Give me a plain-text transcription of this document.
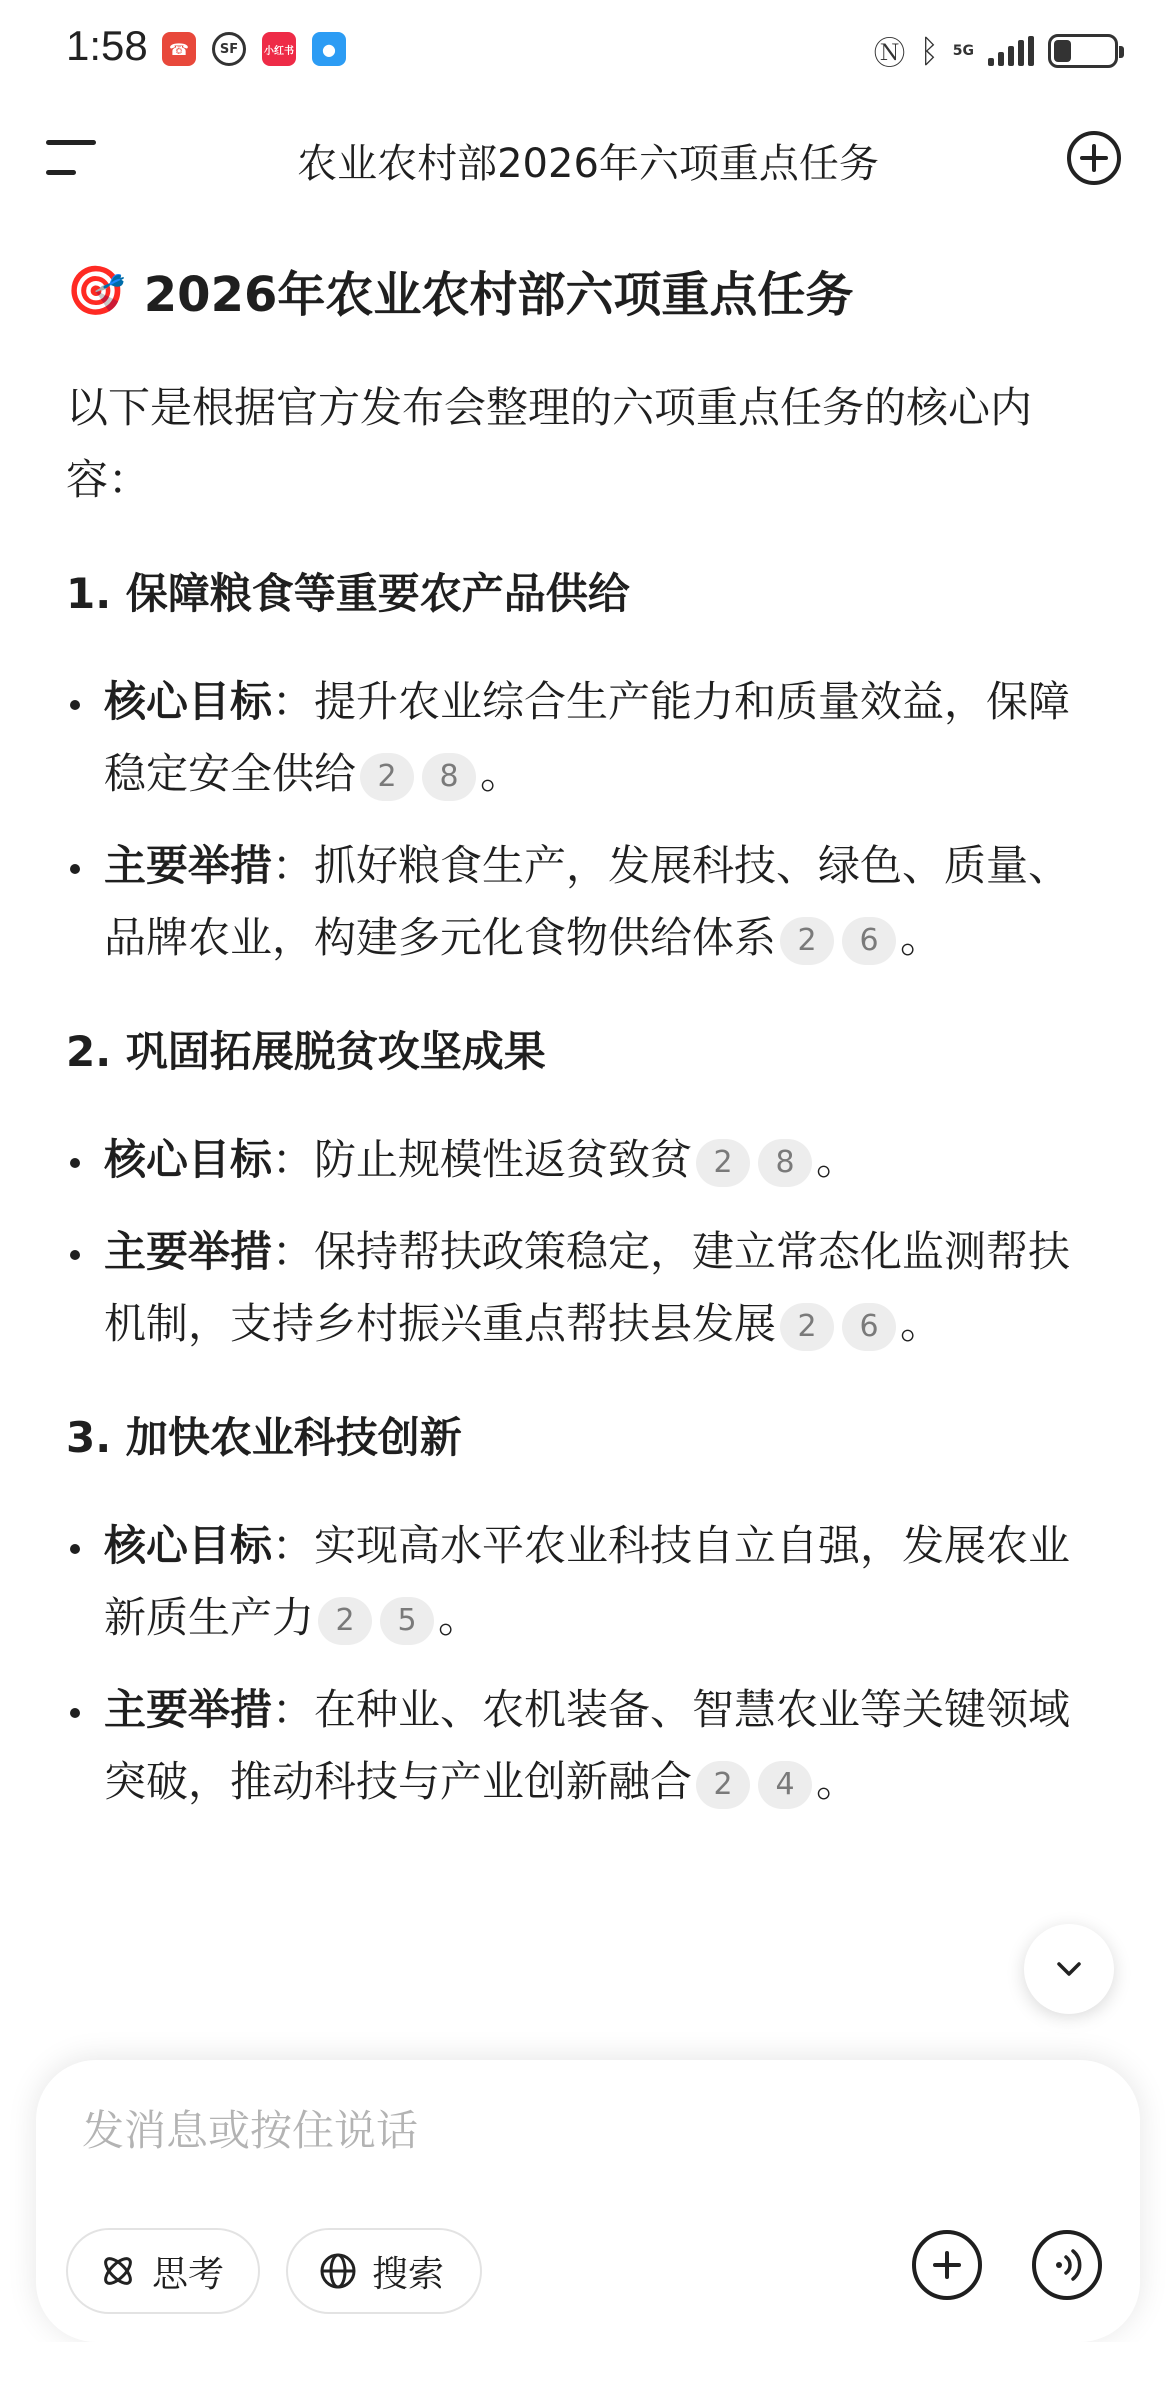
1:58	☎	SF	小红书	●	Ⓝ ᛒ 5G
农业农村部2026年六项重点任务
🎯 2026年农业农村部六项重点任务

以下是根据官方发布会整理的六项重点任务的核心内容：

1. 保障粮食等重要农产品供给
核心目标：提升农业综合生产能力和质量效益，保障稳定安全供给 2 8 。
主要举措：抓好粮食生产，发展科技、绿色、质量、品牌农业，构建多元化食物供给体系 2 6 。
2. 巩固拓展脱贫攻坚成果
核心目标：防止规模性返贫致贫 2 8 。
主要举措：保持帮扶政策稳定，建立常态化监测帮扶机制，支持乡村振兴重点帮扶县发展 2 6 。
3. 加快农业科技创新
核心目标：实现高水平农业科技自立自强，发展农业新质生产力 2 5 。
主要举措：在种业、农机装备、智慧农业等关键领域突破，推动科技与产业创新融合 2 4 。
发消息或按住说话
思考	搜索
